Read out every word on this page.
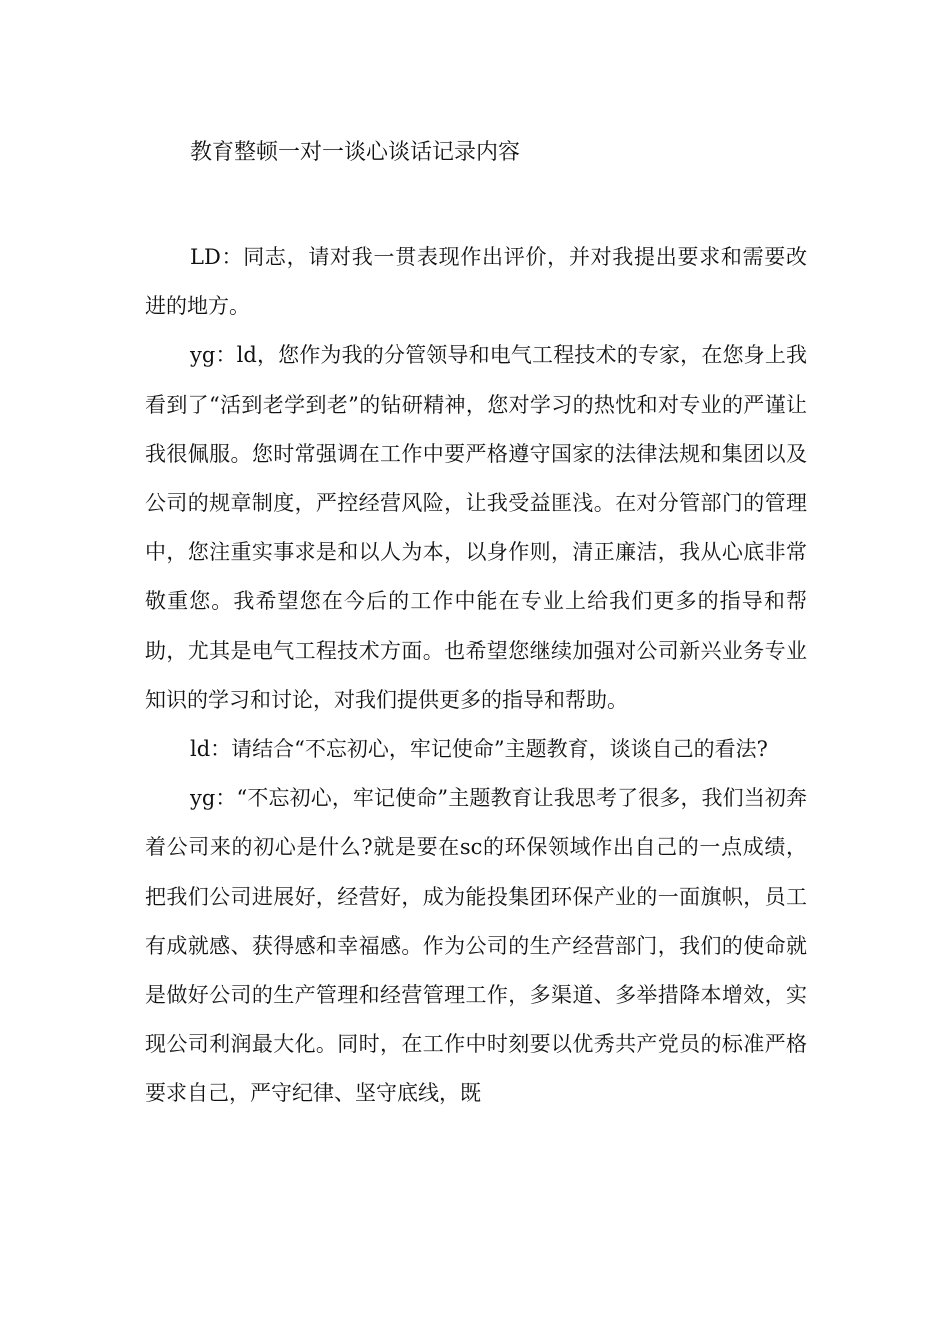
教育整顿一对一谈心谈话记录内容

LD：同志，请对我一贯表现作出评价，并对我提出要求和需要改进的地方。

yg：ld，您作为我的分管领导和电气工程技术的专家，在您身上我看到了“活到老学到老”的钻研精神，您对学习的热忱和对专业的严谨让我很佩服。您时常强调在工作中要严格遵守国家的法律法规和集团以及公司的规章制度，严控经营风险，让我受益匪浅。在对分管部门的管理中，您注重实事求是和以人为本，以身作则，清正廉洁，我从心底非常敬重您。我希望您在今后的工作中能在专业上给我们更多的指导和帮助，尤其是电气工程技术方面。也希望您继续加强对公司新兴业务专业知识的学习和讨论，对我们提供更多的指导和帮助。

ld：请结合“不忘初心，牢记使命”主题教育，谈谈自己的看法?

yg：“不忘初心，牢记使命”主题教育让我思考了很多，我们当初奔着公司来的初心是什么?就是要在sc的环保领域作出自己的一点成绩，把我们公司进展好，经营好，成为能投集团环保产业的一面旗帜，员工有成就感、获得感和幸福感。作为公司的生产经营部门，我们的使命就是做好公司的生产管理和经营管理工作，多渠道、多举措降本增效，实现公司利润最大化。同时，在工作中时刻要以优秀共产党员的标准严格要求自己，严守纪律、坚守底线，既
